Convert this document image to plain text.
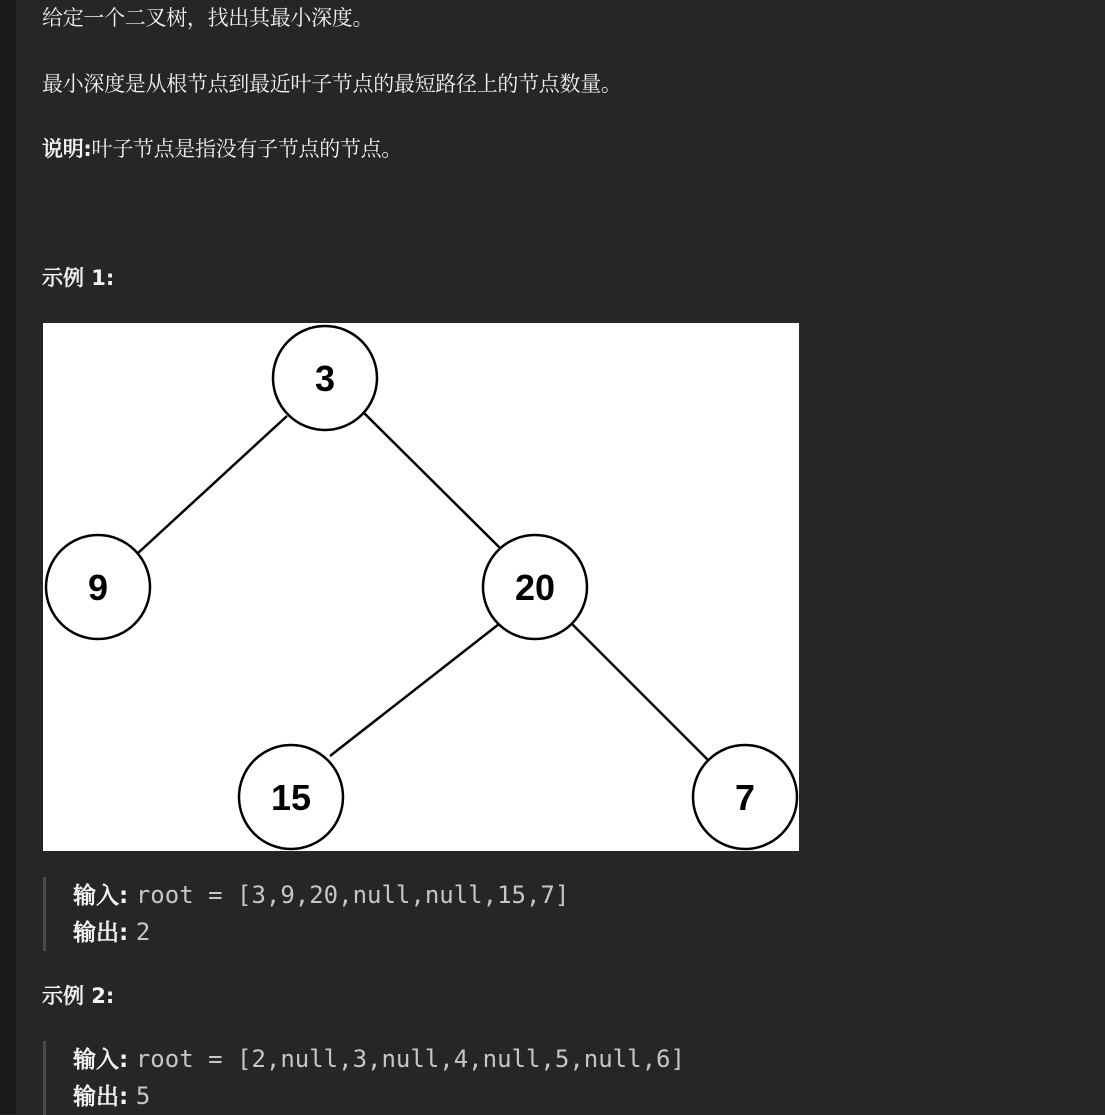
给定一个二叉树，找出其最小深度。
最小深度是从根节点到最近叶子节点的最短路径上的节点数量。
说明:叶子节点是指没有子节点的节点。
示例 1:
3
9	20
15	7
输入: root = [3,9,20,null,null,15,7]
输出: 2
示例 2:
输入: root = [2,null,3,null,4,null,5,null,6]
输出: 5
